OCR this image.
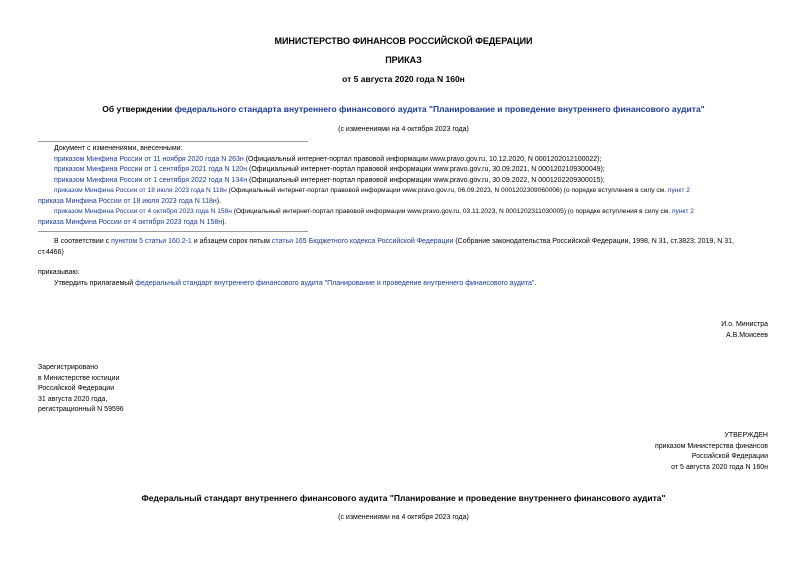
МИНИСТЕРСТВО ФИНАНСОВ РОССИЙСКОЙ ФЕДЕРАЦИИ
ПРИКАЗ
от 5 августа 2020 года N 160н
Об утверждении федерального стандарта внутреннего финансового аудита "Планирование и проведение внутреннего финансового аудита"
(с изменениями на 4 октября 2023 года)
Документ с изменениями, внесенными:
приказом Минфина России от 11 ноября 2020 года N 263н (Официальный интернет-портал правовой информации www.pravo.gov.ru, 10.12.2020, N 0001202012100022);
приказом Минфина России от 1 сентября 2021 года N 120н (Официальный интернет-портал правовой информации www.pravo.gov.ru, 30.09.2021, N 0001202109300049);
приказом Минфина России от 1 сентября 2022 года N 134н (Официальный интернет-портал правовой информации www.pravo.gov.ru, 30.09.2022, N 0001202209300015);
приказом Минфина России от 18 июля 2023 года N 118н (Официальный интернет-портал правовой информации www.pravo.gov.ru, 06.09.2023, N 0001202309060006) (о порядке вступления в силу см. пункт 2
приказа Минфина России от 18 июля 2023 года N 118н).
приказом Минфина России от 4 октября 2023 года N 158н (Официальный интернет-портал правовой информации www.pravo.gov.ru, 03.11.2023, N 0001202311030005) (о порядке вступления в силу см. пункт 2
приказа Минфина России от 4 октября 2023 года N 158н).
В соответствии с пунктом 5 статьи 160.2-1 и абзацем сорок пятым статьи 165 Бюджетного кодекса Российской Федерации (Собрание законодательства Российской Федерации, 1998, N 31, ст.3823; 2019, N 31,
ст.4466)
приказываю:
Утвердить прилагаемый федеральный стандарт внутреннего финансового аудита "Планирование и проведение внутреннего финансового аудита".
И.о. Министра
А.В.Моисеев
Зарегистрировано
в Министерстве юстиции
Российской Федерации
31 августа 2020 года,
регистрационный N 59596
УТВЕРЖДЕН
приказом Министерства финансов
Российской Федерации
от 5 августа 2020 года N 160н
Федеральный стандарт внутреннего финансового аудита "Планирование и проведение внутреннего финансового аудита"
(с изменениями на 4 октября 2023 года)
